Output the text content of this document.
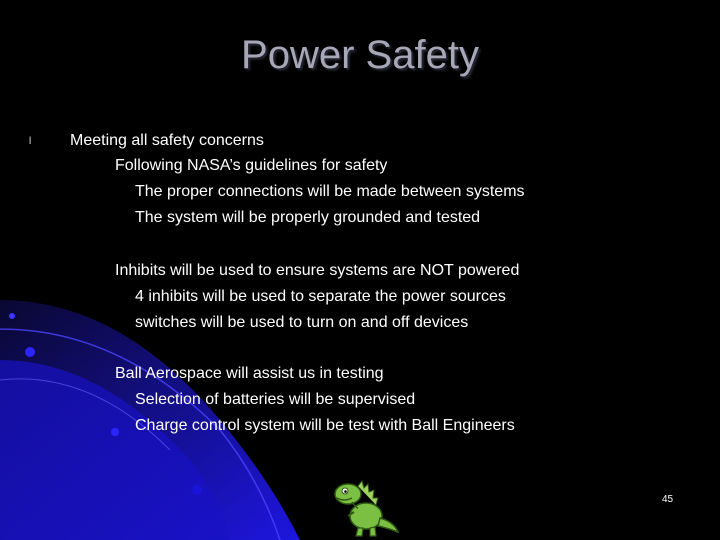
Power Safety
l Meeting all safety concerns
Following NASA’s guidelines for safety
The proper connections will be made between systems
The system will be properly grounded and tested
Inhibits will be used to ensure systems are NOT powered
4 inhibits will be used to separate the power sources
switches will be used to turn on and off devices
Ball Aerospace will assist us in testing
Selection of batteries will be supervised
Charge control system will be test with Ball Engineers
45
